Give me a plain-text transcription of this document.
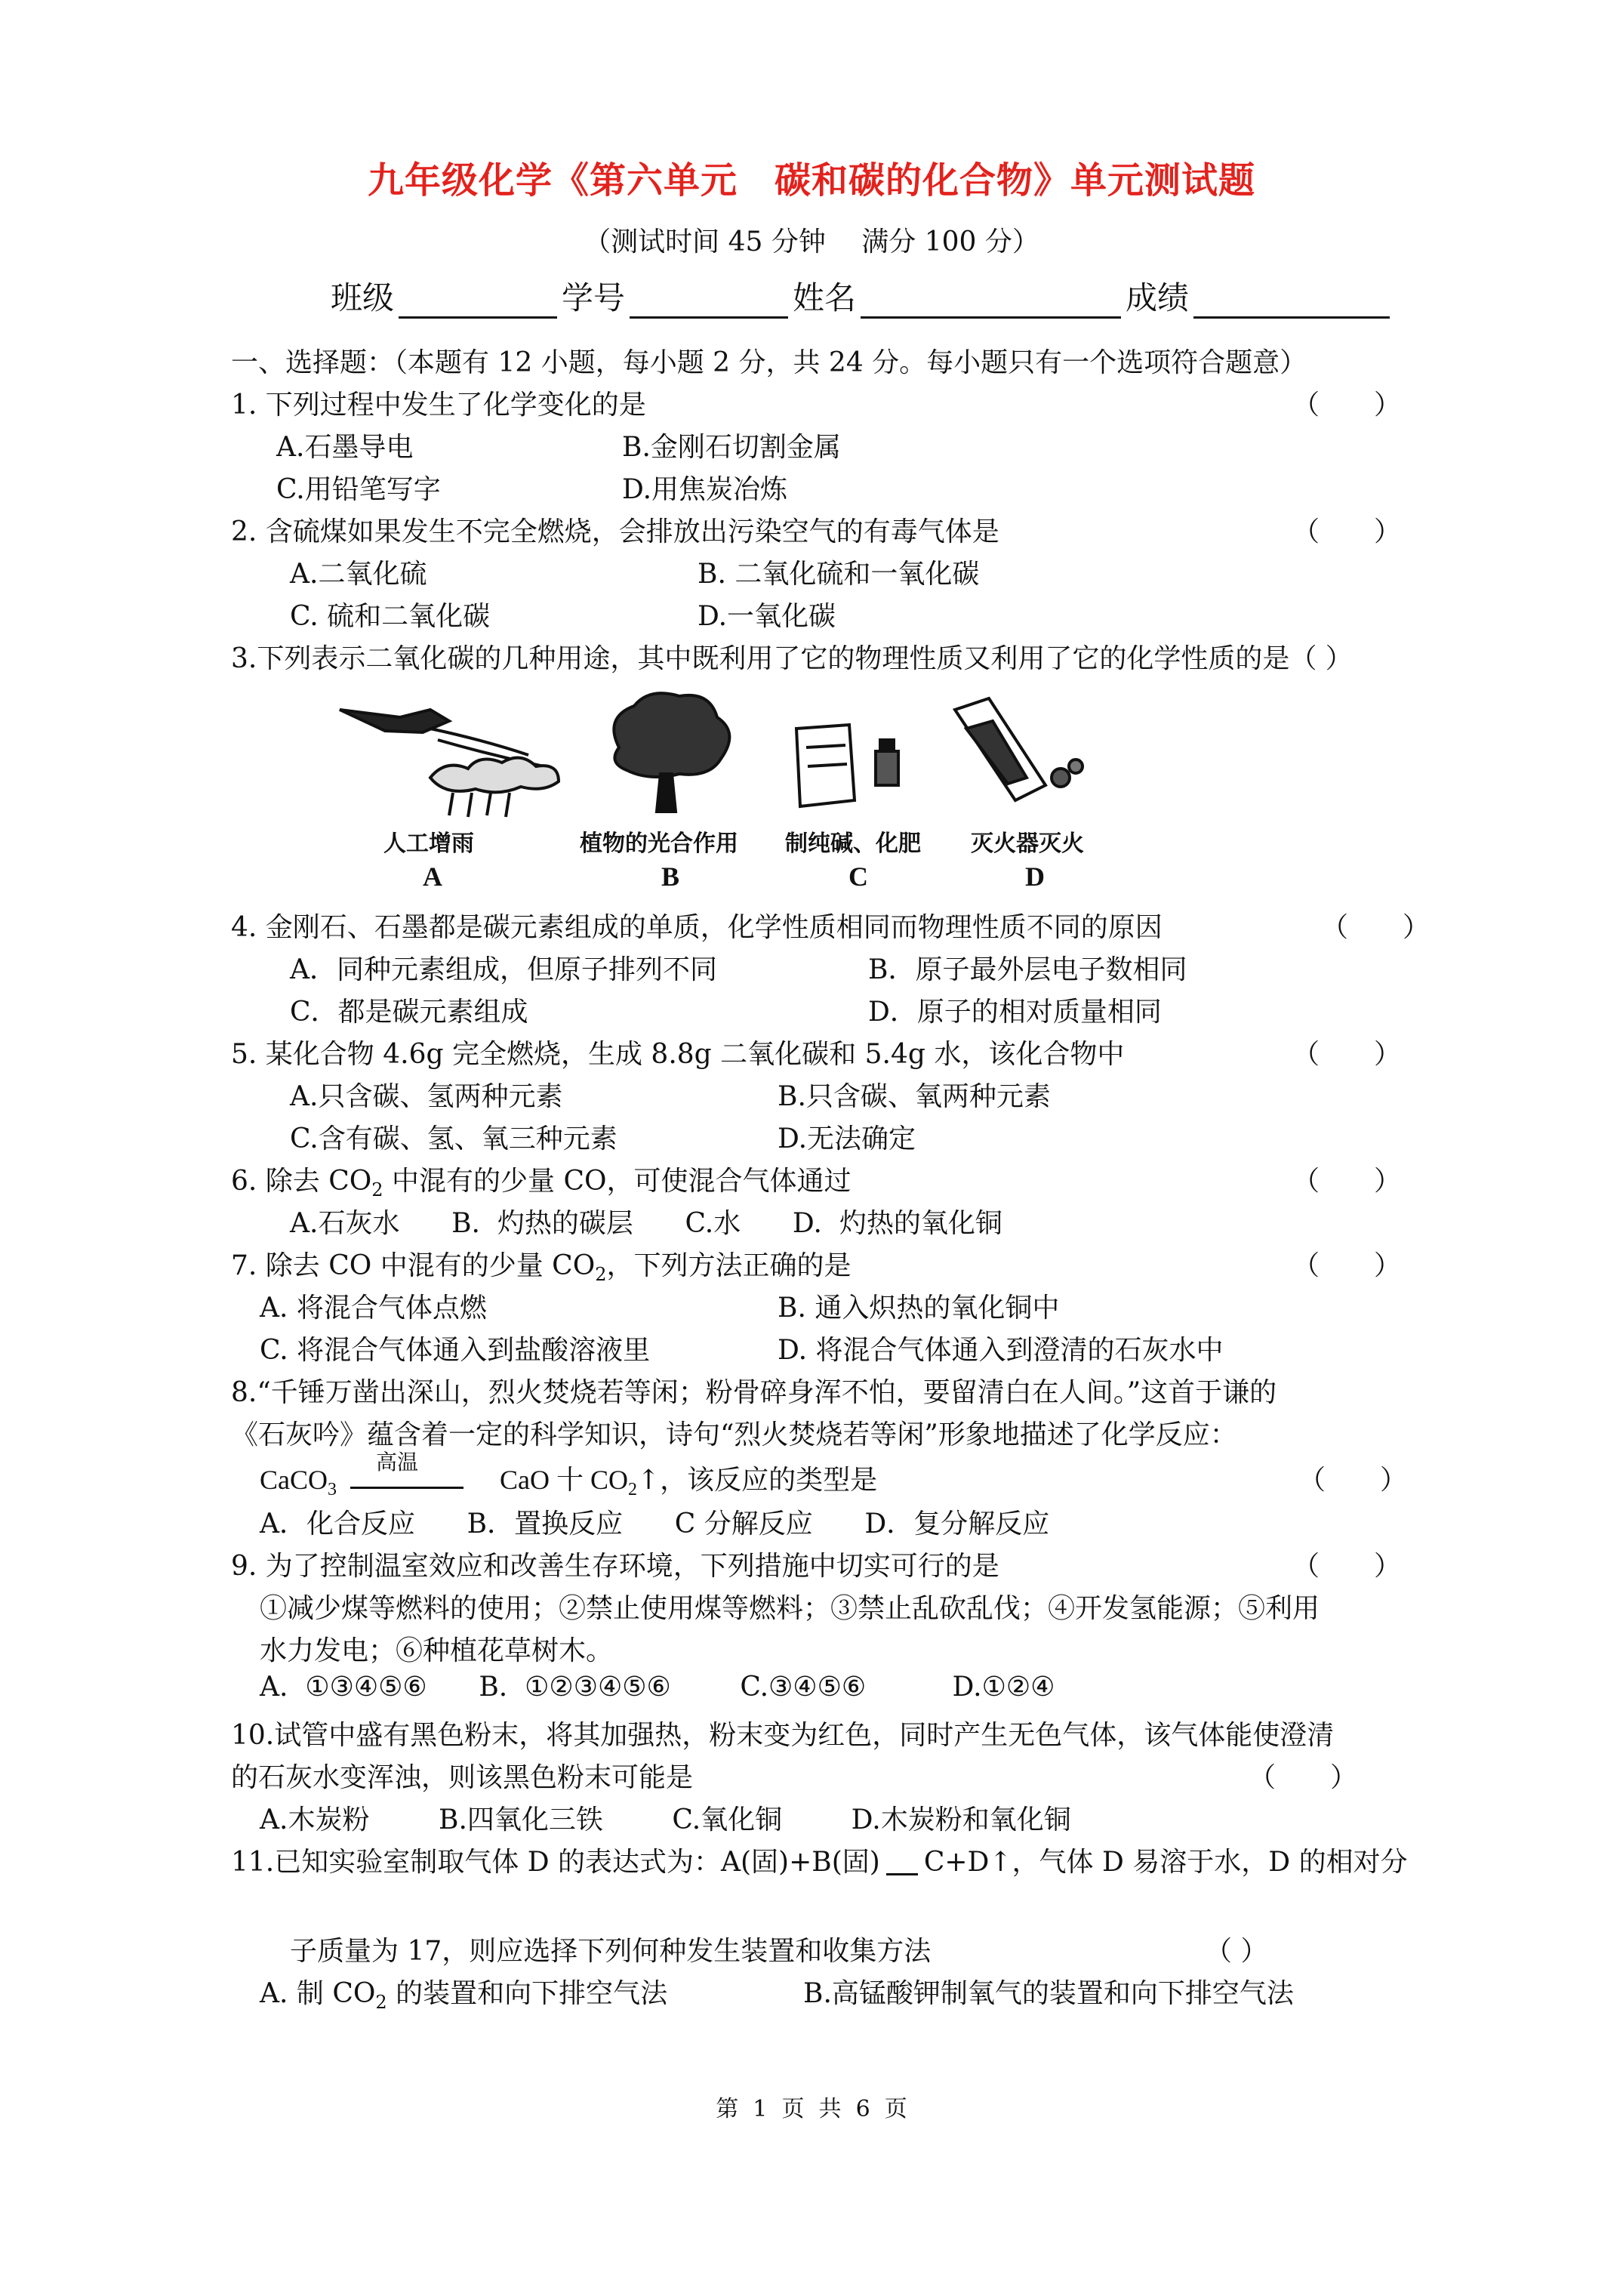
九年级化学《第六单元　碳和碳的化合物》单元测试题
（测试时间 45 分钟　 满分 100 分）
班级	学号	姓名	成绩
一、选择题：（本题有 12 小题，每小题 2 分，共 24 分。每小题只有一个选项符合题意）
1. 下列过程中发生了化学变化的是	（　　）
A.石墨导电	B.金刚石切割金属
C.用铅笔写字	D.用焦炭冶炼
2. 含硫煤如果发生不完全燃烧，会排放出污染空气的有毒气体是	（　　）
A.二氧化硫	B. 二氧化硫和一氧化碳
C. 硫和二氧化碳	D.一氧化碳
3.下列表示二氧化碳的几种用途，其中既利用了它的物理性质又利用了它的化学性质的是（ ）
人工增雨	植物的光合作用 制纯碱、化肥 灭火器灭火
A	B	C	D
4. 金刚石、石墨都是碳元素组成的单质，化学性质相同而物理性质不同的原因	（　　）
A．同种元素组成，但原子排列不同	B．原子最外层电子数相同
C．都是碳元素组成	D．原子的相对质量相同
5. 某化合物 4.6g 完全燃烧，生成 8.8g 二氧化碳和 5.4g 水，该化合物中	（　　）
A.只含碳、氢两种元素	B.只含碳、氧两种元素
C.含有碳、氢、氧三种元素	D.无法确定
6. 除去 $CO_2$ 中混有的少量 CO，可使混合气体通过	（　　）
A.石灰水      B.  灼热的碳层      C.水      D.  灼热的氧化铜
7. 除去 CO 中混有的少量 $CO_2$，下列方法正确的是	（　　）
A. 将混合气体点燃	B. 通入炽热的氧化铜中
C. 将混合气体通入到盐酸溶液里	D. 将混合气体通入到澄清的石灰水中
8.“千锤万凿出深山，烈火焚烧若等闲；粉骨碎身浑不怕，要留清白在人间。”这首于谦的
《石灰吟》蕴含着一定的科学知识，诗句“烈火焚烧若等闲”形象地描述了化学反应：
CaCO$_3$
高温
CaO 十 $CO_2↑$，该反应的类型是	（　　）
A．化合反应      B．置换反应      C 分解反应      D．复分解反应
9. 为了控制温室效应和改善生存环境，下列措施中切实可行的是	（　　）
①减少煤等燃料的使用；②禁止使用煤等燃料；③禁止乱砍乱伐；④开发氢能源；⑤利用
水力发电；⑥种植花草树木。
A.  ①③④⑤⑥      B.  ①②③④⑤⑥        C.③④⑤⑥          D.①②④
10.试管中盛有黑色粉末，将其加强热，粉末变为红色，同时产生无色气体，该气体能使澄清
的石灰水变浑浊，则该黑色粉末可能是	（　　）
A.木炭粉        B.四氧化三铁        C.氧化铜        D.木炭粉和氧化铜
11.已知实验室制取气体 D 的表达式为：A(固)+B(固) C+D↑，气体 D 易溶于水，D 的相对分
子质量为 17，则应选择下列何种发生装置和收集方法	（ ）
A. 制 $CO_2$ 的装置和向下排空气法	B.高锰酸钾制氧气的装置和向下排空气法
第  1  页  共  6  页
